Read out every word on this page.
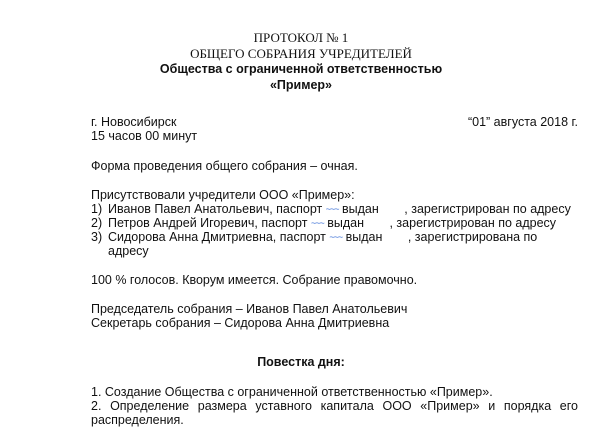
ПРОТОКОЛ № 1
ОБЩЕГО СОБРАНИЯ УЧРЕДИТЕЛЕЙ
Общества с ограниченной ответственностью
«Пример»
г. Новосибирск	“01” августа 2018 г.
15 часов 00 минут
Форма проведения общего собрания – очная.
Присутствовали учредители ООО «Пример»:
1) Иванов Павел Анатольевич, паспорт ~~~ выдан , зарегистрирован по адресу
2) Петров Андрей Игоревич, паспорт ~~~ выдан , зарегистрирован по адресу
3) Сидорова Анна Дмитриевна, паспорт ~~~ выдан , зарегистрирована по
адресу
100 % голосов. Кворум имеется. Собрание правомочно.
Председатель собрания – Иванов Павел Анатольевич
Секретарь собрания – Сидорова Анна Дмитриевна
Повестка дня:
1. Создание Общества с ограниченной ответственностью «Пример».
2. Определение размера уставного капитала ООО «Пример» и порядка его
распределения.
